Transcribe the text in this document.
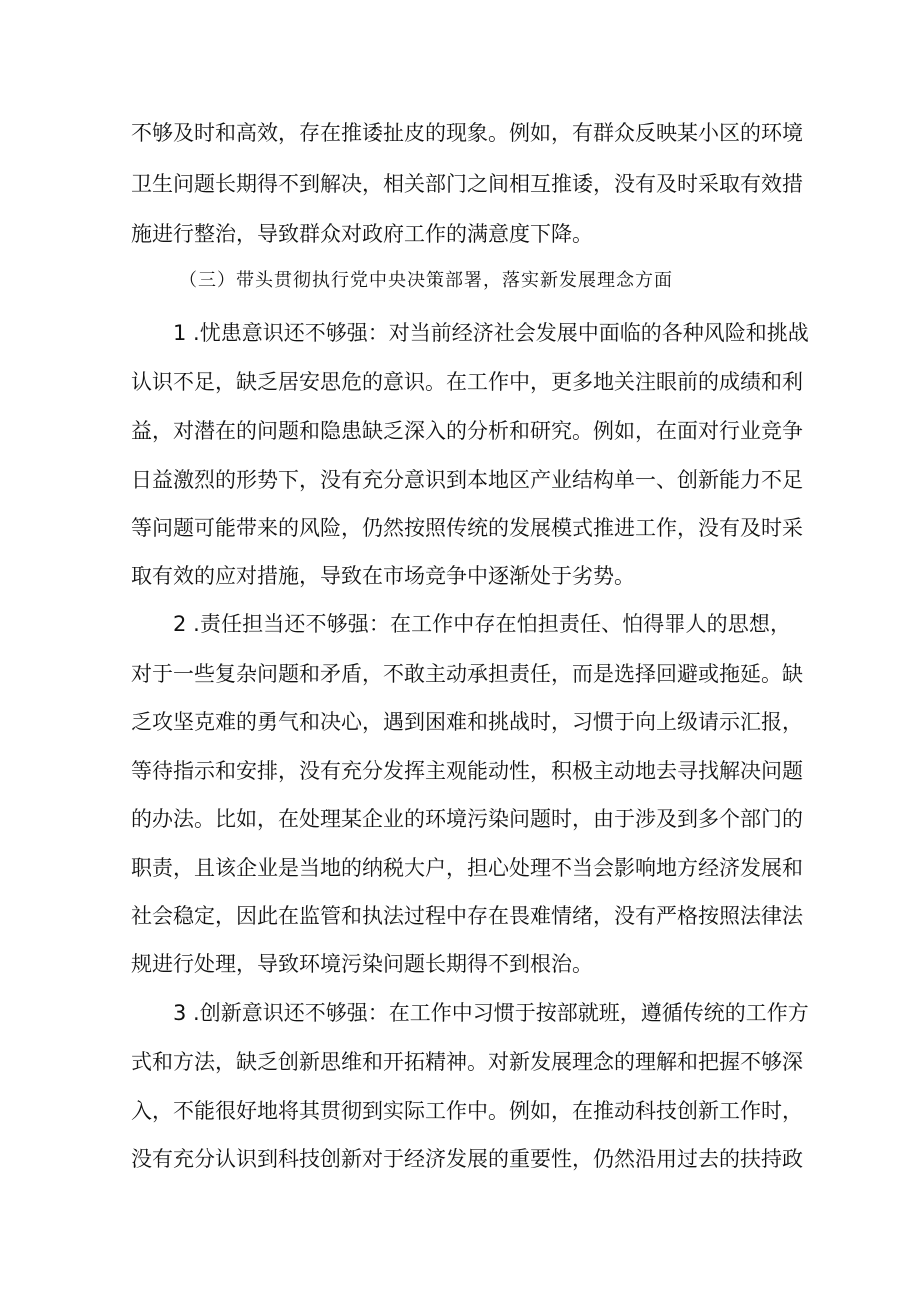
不够及时和高效，存在推诿扯皮的现象。例如，有群众反映某小区的环境
卫生问题长期得不到解决，相关部门之间相互推诿，没有及时采取有效措
施进行整治，导致群众对政府工作的满意度下降。
（三）带头贯彻执行党中央决策部署，落实新发展理念方面
1 .忧患意识还不够强：对当前经济社会发展中面临的各种风险和挑战
认识不足，缺乏居安思危的意识。在工作中，更多地关注眼前的成绩和利
益，对潜在的问题和隐患缺乏深入的分析和研究。例如，在面对行业竞争
日益激烈的形势下，没有充分意识到本地区产业结构单一、创新能力不足
等问题可能带来的风险，仍然按照传统的发展模式推进工作，没有及时采
取有效的应对措施，导致在市场竞争中逐渐处于劣势。
2 .责任担当还不够强：在工作中存在怕担责任、怕得罪人的思想，
对于一些复杂问题和矛盾，不敢主动承担责任，而是选择回避或拖延。缺
乏攻坚克难的勇气和决心，遇到困难和挑战时，习惯于向上级请示汇报，
等待指示和安排，没有充分发挥主观能动性，积极主动地去寻找解决问题
的办法。比如，在处理某企业的环境污染问题时，由于涉及到多个部门的
职责，且该企业是当地的纳税大户，担心处理不当会影响地方经济发展和
社会稳定，因此在监管和执法过程中存在畏难情绪，没有严格按照法律法
规进行处理，导致环境污染问题长期得不到根治。
3 .创新意识还不够强：在工作中习惯于按部就班，遵循传统的工作方
式和方法，缺乏创新思维和开拓精神。对新发展理念的理解和把握不够深
入，不能很好地将其贯彻到实际工作中。例如，在推动科技创新工作时，
没有充分认识到科技创新对于经济发展的重要性，仍然沿用过去的扶持政
